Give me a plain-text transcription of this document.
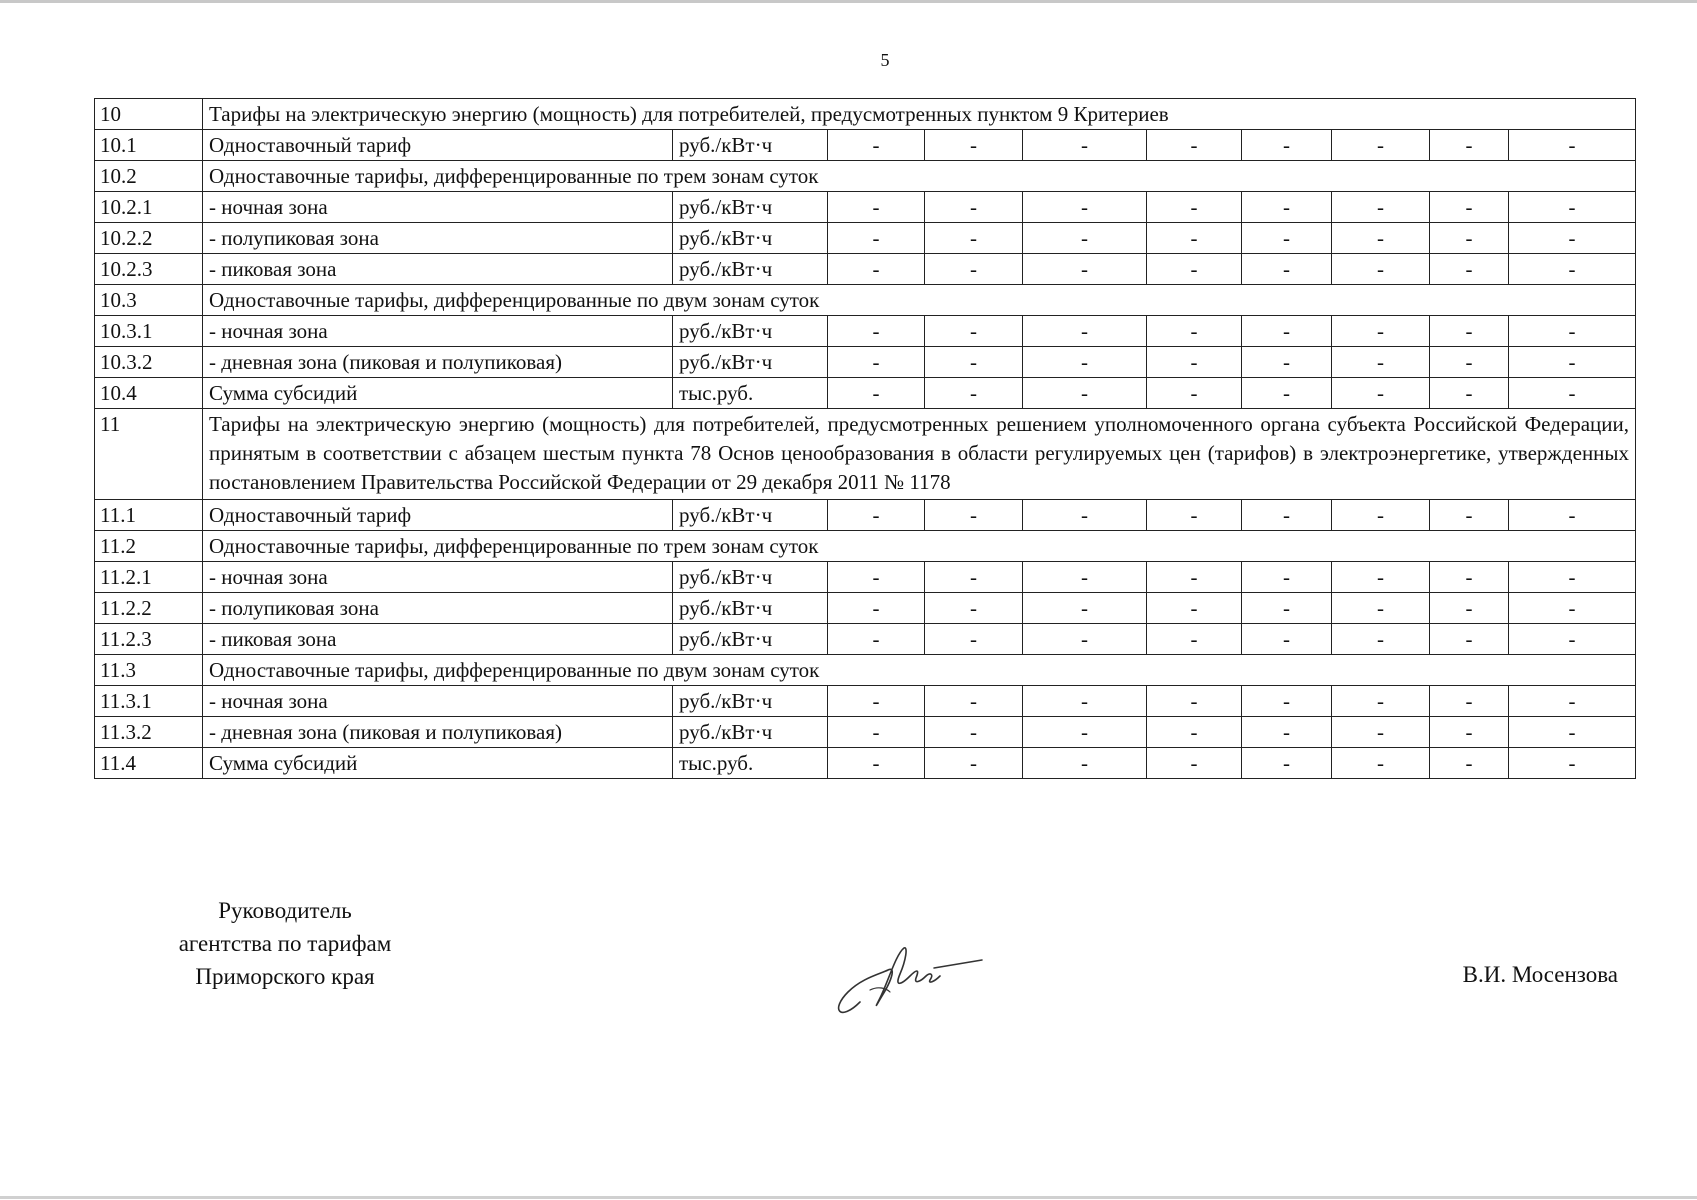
5
10	Тарифы на электрическую энергию (мощность) для потребителей, предусмотренных пунктом 9 Критериев									
10.1	Одноставочный тариф	руб./кВт·ч	-	-	-	-	-	-	-	-
10.2	Одноставочные тарифы, дифференцированные по трем зонам суток									
10.2.1	- ночная зона	руб./кВт·ч	-	-	-	-	-	-	-	-
10.2.2	- полупиковая зона	руб./кВт·ч	-	-	-	-	-	-	-	-
10.2.3	- пиковая зона	руб./кВт·ч	-	-	-	-	-	-	-	-
10.3	Одноставочные тарифы, дифференцированные по двум зонам суток									
10.3.1	- ночная зона	руб./кВт·ч	-	-	-	-	-	-	-	-
10.3.2	- дневная зона (пиковая и полупиковая)	руб./кВт·ч	-	-	-	-	-	-	-	-
10.4	Сумма субсидий	тыс.руб.	-	-	-	-	-	-	-	-
11	Тарифы на электрическую энергию (мощность) для потребителей, предусмотренных решением уполномоченного органа субъекта Российской Федерации, принятым в соответствии с абзацем шестым пункта 78 Основ ценообразования в области регулируемых цен (тарифов) в электроэнергетике, утвержденных постановлением Правительства Российской Федерации от 29 декабря 2011 № 1178									
11.1	Одноставочный тариф	руб./кВт·ч	-	-	-	-	-	-	-	-
11.2	Одноставочные тарифы, дифференцированные по трем зонам суток									
11.2.1	- ночная зона	руб./кВт·ч	-	-	-	-	-	-	-	-
11.2.2	- полупиковая зона	руб./кВт·ч	-	-	-	-	-	-	-	-
11.2.3	- пиковая зона	руб./кВт·ч	-	-	-	-	-	-	-	-
11.3	Одноставочные тарифы, дифференцированные по двум зонам суток									
11.3.1	- ночная зона	руб./кВт·ч	-	-	-	-	-	-	-	-
11.3.2	- дневная зона (пиковая и полупиковая)	руб./кВт·ч	-	-	-	-	-	-	-	-
11.4	Сумма субсидий	тыс.руб.	-	-	-	-	-	-	-	-
Руководитель
агентства по тарифам
Приморского края	В.И. Мосензова
